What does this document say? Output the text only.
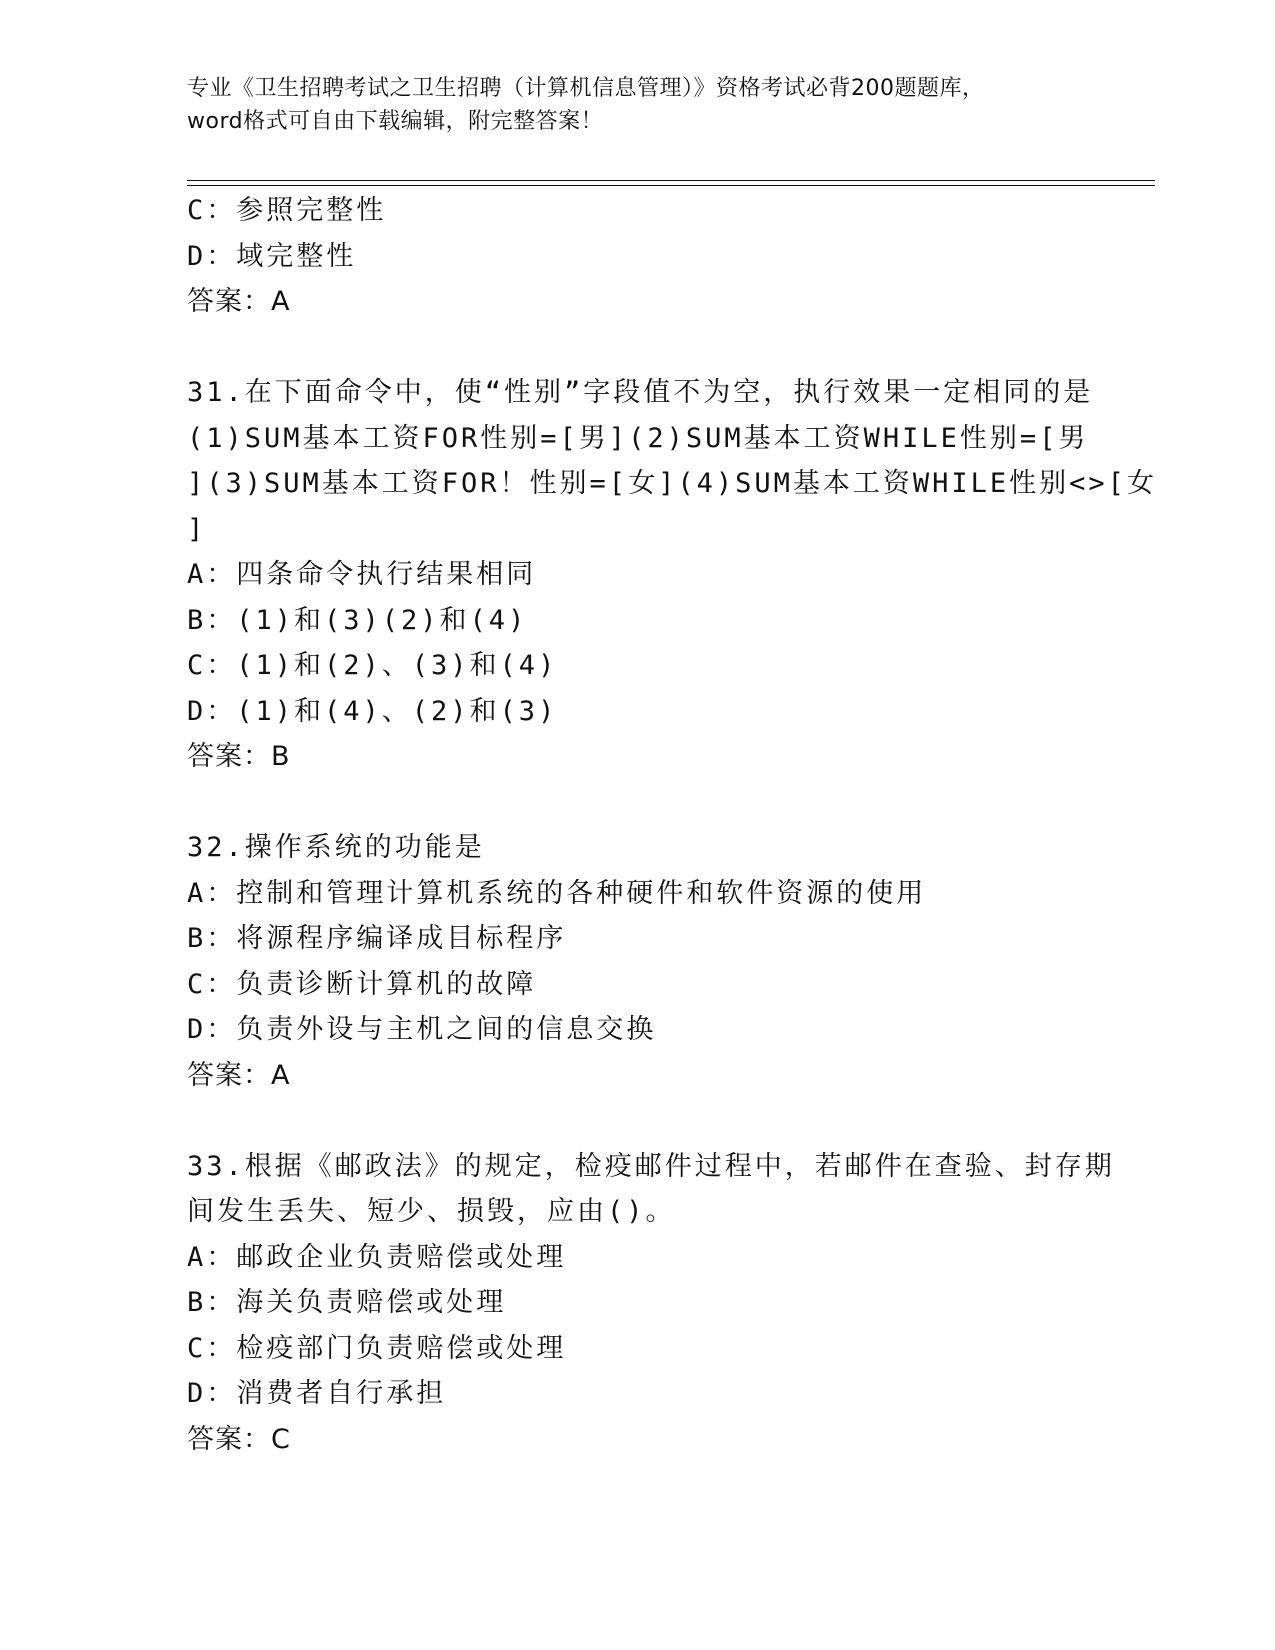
专业《卫生招聘考试之卫生招聘（计算机信息管理）》资格考试必背200题题库，
word格式可自由下载编辑，附完整答案！
C：参照完整性
D：域完整性
答案：A
31.在下面命令中，使“性别”字段值不为空，执行效果一定相同的是
(1)SUM基本工资FOR性别=[男](2)SUM基本工资WHILE性别=[男
](3)SUM基本工资FOR！性别=[女](4)SUM基本工资WHILE性别<>[女
]
A：四条命令执行结果相同
B：(1)和(3)(2)和(4)
C：(1)和(2)、(3)和(4)
D：(1)和(4)、(2)和(3)
答案：B
32.操作系统的功能是
A：控制和管理计算机系统的各种硬件和软件资源的使用
B：将源程序编译成目标程序
C：负责诊断计算机的故障
D：负责外设与主机之间的信息交换
答案：A
33.根据《邮政法》的规定，检疫邮件过程中，若邮件在查验、封存期
间发生丢失、短少、损毁，应由()。
A：邮政企业负责赔偿或处理
B：海关负责赔偿或处理
C：检疫部门负责赔偿或处理
D：消费者自行承担
答案：C
